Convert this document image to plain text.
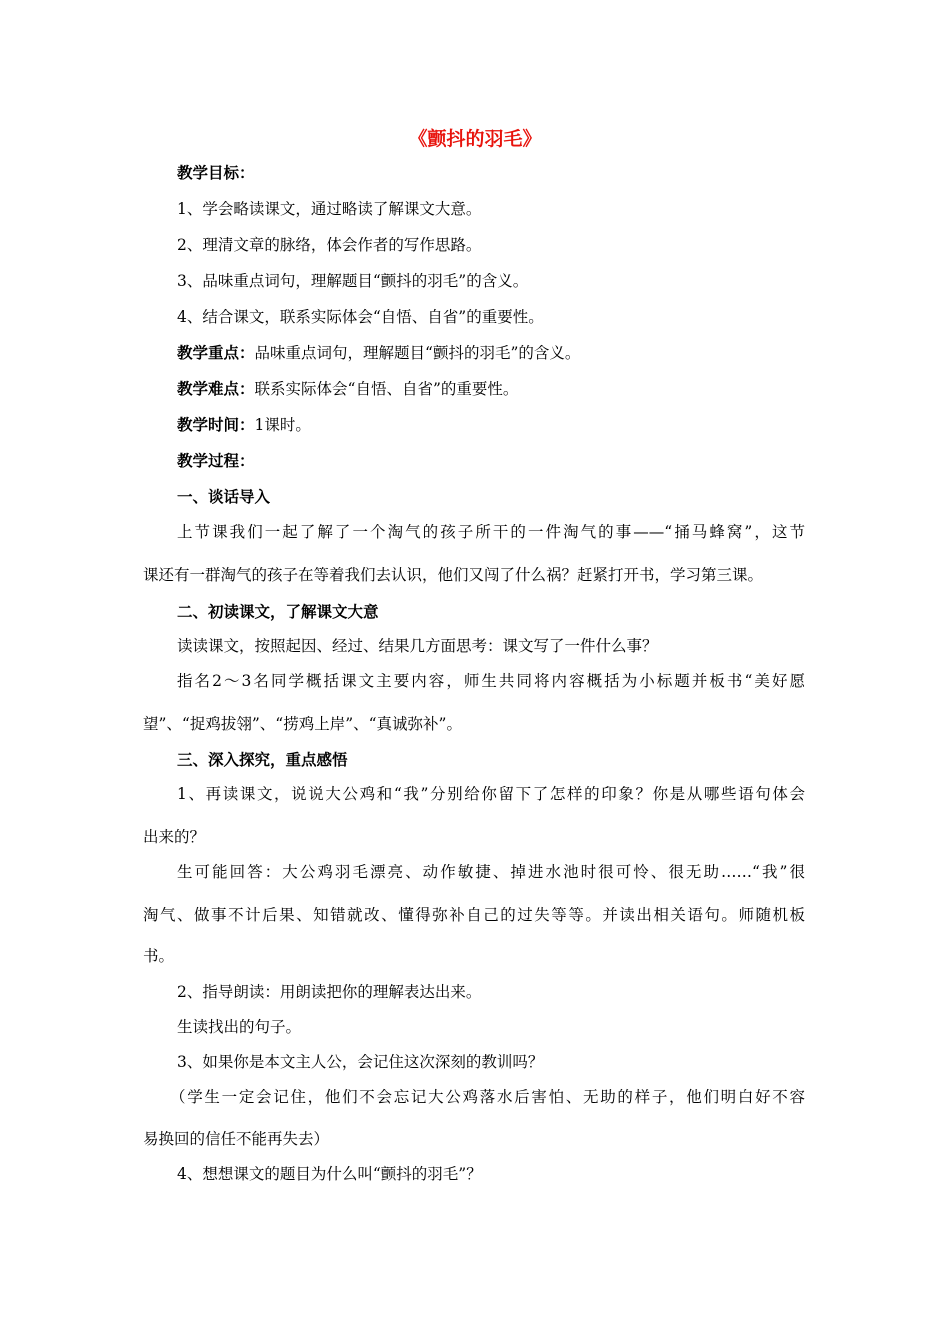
《颤抖的羽毛》
教学目标：
1、学会略读课文，通过略读了解课文大意。
2、理清文章的脉络，体会作者的写作思路。
3、品味重点词句，理解题目“颤抖的羽毛”的含义。
4、结合课文，联系实际体会“自悟、自省”的重要性。
教学重点：品味重点词句，理解题目“颤抖的羽毛”的含义。
教学难点：联系实际体会“自悟、自省”的重要性。
教学时间：1课时。
教学过程：
一、谈话导入
上节课我们一起了解了一个淘气的孩子所干的一件淘气的事——“捅马蜂窝”，这节
课还有一群淘气的孩子在等着我们去认识，他们又闯了什么祸？赶紧打开书，学习第三课。
二、初读课文，了解课文大意
读读课文，按照起因、经过、结果几方面思考：课文写了一件什么事？
指名2～3名同学概括课文主要内容，师生共同将内容概括为小标题并板书“美好愿
望”、“捉鸡拔翎”、“捞鸡上岸”、“真诚弥补”。
三、深入探究，重点感悟
1、再读课文，说说大公鸡和“我”分别给你留下了怎样的印象？你是从哪些语句体会
出来的？
生可能回答：大公鸡羽毛漂亮、动作敏捷、掉进水池时很可怜、很无助……“我”很
淘气、做事不计后果、知错就改、懂得弥补自己的过失等等。并读出相关语句。师随机板
书。
2、指导朗读：用朗读把你的理解表达出来。
生读找出的句子。
3、如果你是本文主人公，会记住这次深刻的教训吗？
（学生一定会记住，他们不会忘记大公鸡落水后害怕、无助的样子，他们明白好不容
易换回的信任不能再失去）
4、想想课文的题目为什么叫“颤抖的羽毛”？
